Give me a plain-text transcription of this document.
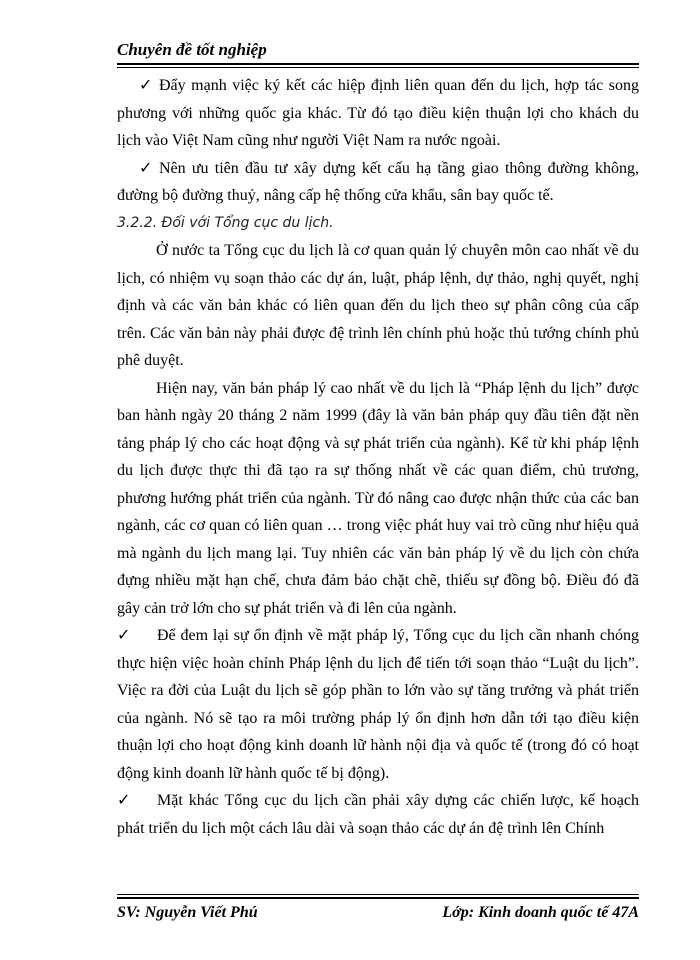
Chuyên đề tốt nghiệp

✓ Đẩy mạnh việc ký kết các hiệp định liên quan đến du lịch, hợp tác song phương với những quốc gia khác. Từ đó tạo điều kiện thuận lợi cho khách du lịch vào Việt Nam cũng như người Việt Nam ra nước ngoài.

✓ Nên ưu tiên đầu tư xây dựng kết cấu hạ tầng giao thông đường không, đường bộ đường thuỷ, nâng cấp hệ thống cửa khẩu, sân bay quốc tế.

3.2.2. Đối với Tổng cục du lịch.

Ở nước ta Tổng cục du lịch là cơ quan quản lý chuyên môn cao nhất về du lịch, có nhiệm vụ soạn thảo các dự án, luật, pháp lệnh, dự thảo, nghị quyết, nghị định và các văn bản khác có liên quan đến du lịch theo sự phân công của cấp trên. Các văn bản này phải được đệ trình lên chính phủ hoặc thủ tướng chính phủ phê duyệt.

Hiện nay, văn bản pháp lý cao nhất về du lịch là “Pháp lệnh du lịch” được ban hành ngày 20 tháng 2 năm 1999 (đây là văn bản pháp quy đầu tiên đặt nền tảng pháp lý cho các hoạt động và sự phát triển của ngành). Kể từ khi pháp lệnh du lịch được thực thi đã tạo ra sự thống nhất về các quan điểm, chủ trương, phương hướng phát triển của ngành. Từ đó nâng cao được nhận thức của các ban ngành, các cơ quan có liên quan … trong việc phát huy vai trò cũng như hiệu quả mà ngành du lịch mang lại. Tuy nhiên các văn bản pháp lý về du lịch còn chứa đựng nhiều mặt hạn chế, chưa đảm bảo chặt chẽ, thiếu sự đồng bộ. Điều đó đã gây cản trở lớn cho sự phát triển và đi lên của ngành.

✓ Để đem lại sự ổn định về mặt pháp lý, Tổng cục du lịch cần nhanh chóng thực hiện việc hoàn chỉnh Pháp lệnh du lịch để tiến tới soạn thảo “Luật du lịch”. Việc ra đời của Luật du lịch sẽ góp phần to lớn vào sự tăng trưởng và phát triển của ngành. Nó sẽ tạo ra môi trường pháp lý ổn định hơn dẫn tới tạo điều kiện thuận lợi cho hoạt động kinh doanh lữ hành nội địa và quốc tế (trong đó có hoạt động kinh doanh lữ hành quốc tế bị động).

✓ Mặt khác Tổng cục du lịch cần phải xây dựng các chiến lược, kế hoạch phát triển du lịch một cách lâu dài và soạn thảo các dự án đệ trình lên Chính

SV: Nguyễn Viết Phú	Lớp: Kinh doanh quốc tế 47A
